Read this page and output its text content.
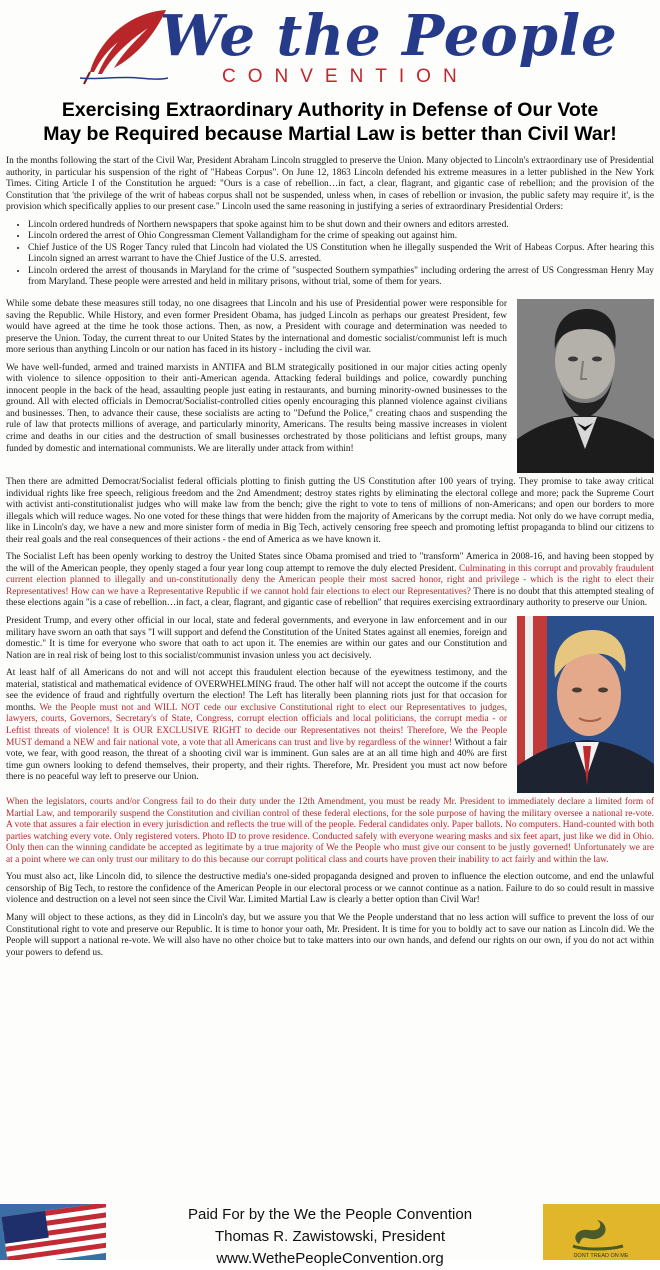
We the People
CONVENTION
Exercising Extraordinary Authority in Defense of Our Vote
May be Required because Martial Law is better than Civil War!

In the months following the start of the Civil War, President Abraham Lincoln struggled to preserve the Union. Many objected to Lincoln's extraordinary use of Presidential authority, in particular his suspension of the right of "Habeas Corpus". On June 12, 1863 Lincoln defended his extreme measures in a letter published in the New York Times. Citing Article I of the Constitution he argued: "Ours is a case of rebellion…in fact, a clear, flagrant, and gigantic case of rebellion; and the provision of the Constitution that 'the privilege of the writ of habeas corpus shall not be suspended, unless when, in cases of rebellion or invasion, the public safety may require it', is the provision which specifically applies to our present case." Lincoln used the same reasoning in justifying a series of extraordinary Presidential Orders:

• Lincoln ordered hundreds of Northern newspapers that spoke against him to be shut down and their owners and editors arrested.
• Lincoln ordered the arrest of Ohio Congressman Clement Vallandigham for the crime of speaking out against him.
• Chief Justice of the US Roger Tancy ruled that Lincoln had violated the US Constitution when he illegally suspended the Writ of Habeas Corpus. After hearing this Lincoln signed an arrest warrant to have the Chief Justice of the U.S. arrested.
• Lincoln ordered the arrest of thousands in Maryland for the crime of "suspected Southern sympathies" including ordering the arrest of US Congressman Henry May from Maryland. These people were arrested and held in military prisons, without trial, some of them for years.

While some debate these measures still today, no one disagrees that Lincoln and his use of Presidential power were responsible for saving the Republic. While History, and even former President Obama, has judged Lincoln as perhaps our greatest President, few would have agreed at the time he took those actions. Then, as now, a President with courage and determination was needed to preserve the Union. Today, the current threat to our United States by the international and domestic socialist/communist left is much more serious than anything Lincoln or our nation has faced in its history - including the civil war.

We have well-funded, armed and trained marxists in ANTIFA and BLM strategically positioned in our major cities acting openly with violence to silence opposition to their anti-American agenda. Attacking federal buildings and police, cowardly punching innocent people in the back of the head, assaulting people just eating in restaurants, and burning minority-owned businesses to the ground. All with elected officials in Democrat/Socialist-controlled cities openly encouraging this planned violence against civilians and businesses. Then, to advance their cause, these socialists are acting to "Defund the Police," creating chaos and suspending the rule of law that protects millions of average, and particularly minority, Americans. The results being massive increases in violent crime and deaths in our cities and the destruction of small businesses orchestrated by those politicians and leftist groups, many funded by domestic and international communists. We are literally under attack from within!

Then there are admitted Democrat/Socialist federal officials plotting to finish gutting the US Constitution after 100 years of trying. They promise to take away critical individual rights like free speech, religious freedom and the 2nd Amendment; destroy states rights by eliminating the electoral college and more; pack the Supreme Court with activist anti-constitutionalist judges who will make law from the bench; give the right to vote to tens of millions of non-Americans; and open our borders to more illegals which will reduce wages. No one voted for these things that were hidden from the majority of Americans by the corrupt media. Not only do we have corrupt media, like in Lincoln's day, we have a new and more sinister form of media in Big Tech, actively censoring free speech and promoting leftist propaganda to blind our citizens to their real goals and the real consequences of their actions - the end of America as we have known it.

The Socialist Left has been openly working to destroy the United States since Obama promised and tried to "transform" America in 2008-16, and having been stopped by the will of the American people, they openly staged a four year long coup attempt to remove the duly elected President. Culminating in this corrupt and provably fraudulent current election planned to illegally and un-constitutionally deny the American people their most sacred honor, right and privilege - which is the right to elect their Representatives! How can we have a Representative Republic if we cannot hold fair elections to elect our Representatives? There is no doubt that this attempted stealing of these elections again "is a case of rebellion…in fact, a clear, flagrant, and gigantic case of rebellion" that requires exercising extraordinary authority to preserve our Union.

President Trump, and every other official in our local, state and federal governments, and everyone in law enforcement and in our military have sworn an oath that says "I will support and defend the Constitution of the United States against all enemies, foreign and domestic." It is time for everyone who swore that oath to act upon it. The enemies are within our gates and our Constitution and Nation are in real risk of being lost to this socialist/communist invasion unless you act decisively.

At least half of all Americans do not and will not accept this fraudulent election because of the eyewitness testimony, and the material, statistical and mathematical evidence of OVERWHELMING fraud. The other half will not accept the outcome if the courts see the evidence of fraud and rightfully overturn the election! The Left has literally been planning riots just for that occasion for months. We the People must not and WILL NOT cede our exclusive Constitutional right to elect our Representatives to judges, lawyers, courts, Governors, Secretary's of State, Congress, corrupt election officials and local politicians, the corrupt media - or Leftist threats of violence! It is OUR EXCLUSIVE RIGHT to decide our Representatives not theirs! Therefore, We the People MUST demand a NEW and fair national vote, a vote that all Americans can trust and live by regardless of the winner! Without a fair vote, we fear, with good reason, the threat of a shooting civil war is imminent. Gun sales are at an all time high and 40% are first time gun owners looking to defend themselves, their property, and their rights. Therefore, Mr. President you must act now before there is no peaceful way left to preserve our Union.

When the legislators, courts and/or Congress fail to do their duty under the 12th Amendment, you must be ready Mr. President to immediately declare a limited form of Martial Law, and temporarily suspend the Constitution and civilian control of these federal elections, for the sole purpose of having the military oversee a national re-vote. A vote that assures a fair election in every jurisdiction and reflects the true will of the people. Federal candidates only. Paper ballots. No computers. Hand-counted with both parties watching every vote. Only registered voters. Photo ID to prove residence. Conducted safely with everyone wearing masks and six feet apart, just like we did in Ohio. Only then can the winning candidate be accepted as legitimate by a true majority of We the People who must give our consent to be justly governed! Unfortunately we are at a point where we can only trust our military to do this because our corrupt political class and courts have proven their inability to act fairly and within the law.

You must also act, like Lincoln did, to silence the destructive media's one-sided propaganda designed and proven to influence the election outcome, and end the unlawful censorship of Big Tech, to restore the confidence of the American People in our electoral process or we cannot continue as a nation. Failure to do so could result in massive violence and destruction on a level not seen since the Civil War. Limited Martial Law is clearly a better option than Civil War!

Many will object to these actions, as they did in Lincoln's day, but we assure you that We the People understand that no less action will suffice to prevent the loss of our Constitutional right to vote and preserve our Republic. It is time to honor your oath, Mr. President. It is time for you to boldly act to save our nation as Lincoln did. We the People will support a national re-vote. We will also have no other choice but to take matters into our own hands, and defend our rights on our own, if you do not act within your powers to defend us.

Paid For by the We the People Convention
Thomas R. Zawistowski, President
www.WethePeopleConvention.org	DONT TREAD ON ME
